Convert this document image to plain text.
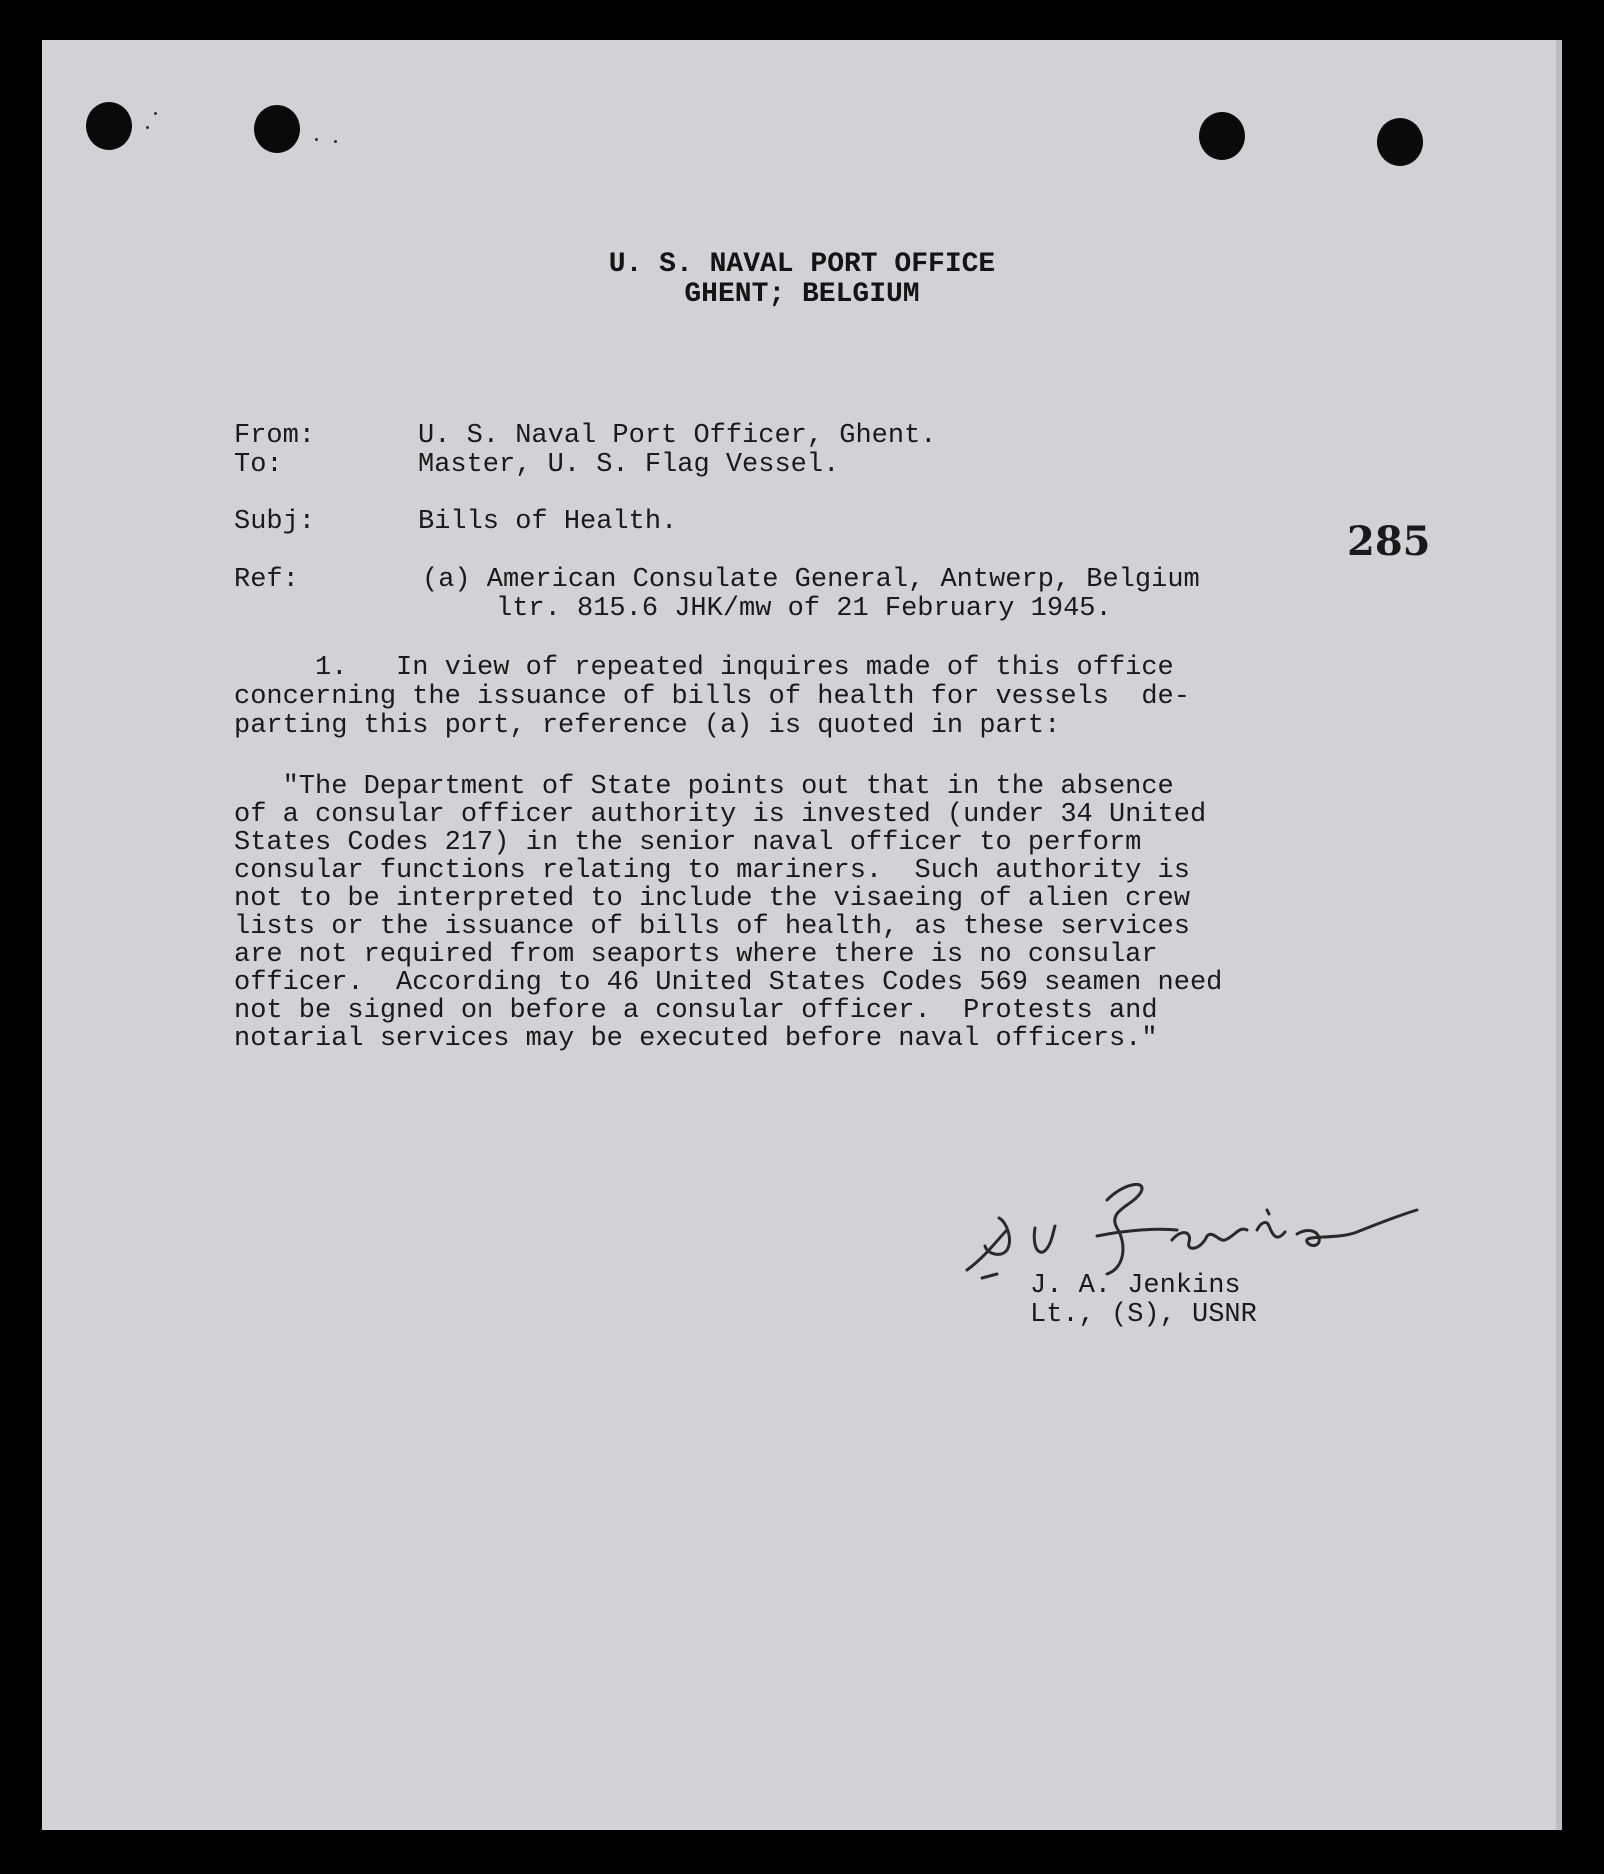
U. S. NAVAL PORT OFFICE
GHENT; BELGIUM
From:	U. S. Naval Port Officer, Ghent.
To:	Master, U. S. Flag Vessel.
Subj:	Bills of Health.	285
Ref:	(a) American Consulate General, Antwerp, Belgium
ltr. 815.6 JHK/mw of 21 February 1945.
1.   In view of repeated inquires made of this office
concerning the issuance of bills of health for vessels  de-
parting this port, reference (a) is quoted in part:
"The Department of State points out that in the absence
of a consular officer authority is invested (under 34 United
States Codes 217) in the senior naval officer to perform
consular functions relating to mariners.  Such authority is
not to be interpreted to include the visaeing of alien crew
lists or the issuance of bills of health, as these services
are not required from seaports where there is no consular
officer.  According to 46 United States Codes 569 seamen need
not be signed on before a consular officer.  Protests and
notarial services may be executed before naval officers."
J. A. Jenkins
Lt., (S), USNR
